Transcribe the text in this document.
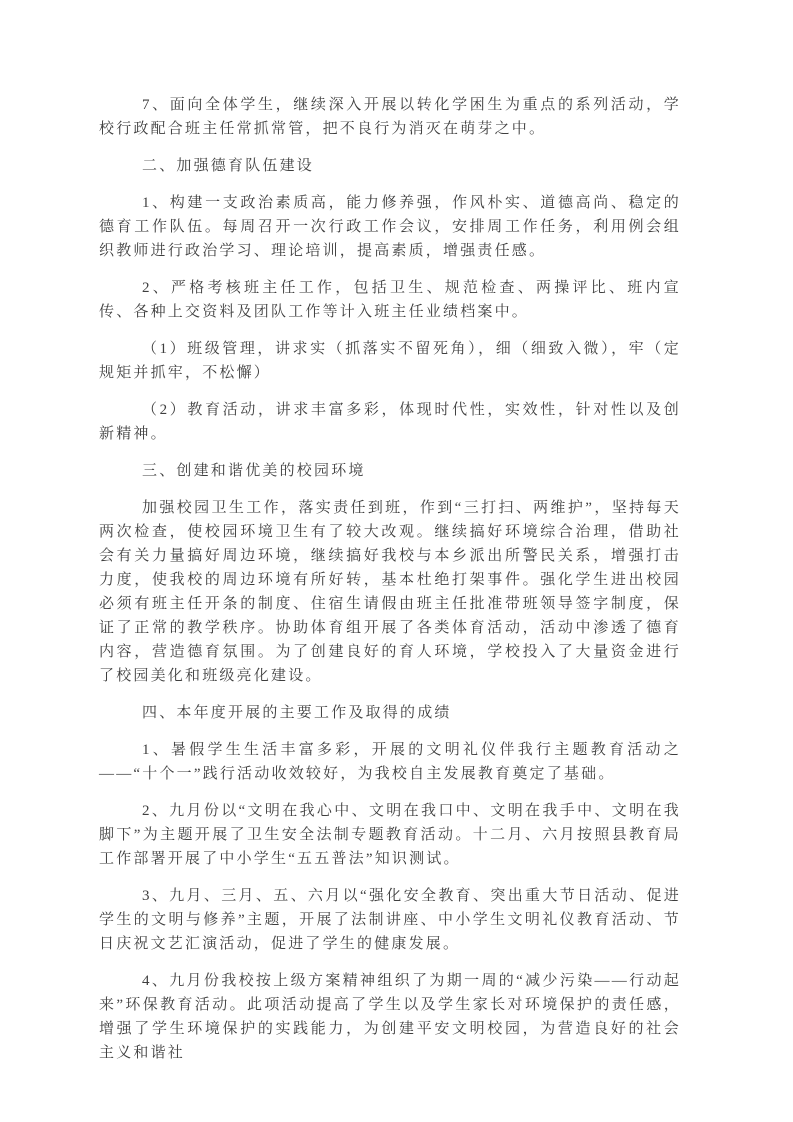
7、面向全体学生，继续深入开展以转化学困生为重点的系列活动，学校行政配合班主任常抓常管，把不良行为消灭在萌芽之中。

二、加强德育队伍建设

1、构建一支政治素质高，能力修养强，作风朴实、道德高尚、稳定的德育工作队伍。每周召开一次行政工作会议，安排周工作任务，利用例会组织教师进行政治学习、理论培训，提高素质，增强责任感。

2、严格考核班主任工作，包括卫生、规范检查、两操评比、班内宣传、各种上交资料及团队工作等计入班主任业绩档案中。

（1）班级管理，讲求实（抓落实不留死角），细（细致入微），牢（定规矩并抓牢，不松懈）

（2）教育活动，讲求丰富多彩，体现时代性，实效性，针对性以及创新精神。

三、创建和谐优美的校园环境

加强校园卫生工作，落实责任到班，作到“三打扫、两维护”，坚持每天两次检查，使校园环境卫生有了较大改观。继续搞好环境综合治理，借助社会有关力量搞好周边环境，继续搞好我校与本乡派出所警民关系，增强打击力度，使我校的周边环境有所好转，基本杜绝打架事件。强化学生进出校园必须有班主任开条的制度、住宿生请假由班主任批准带班领导签字制度，保证了正常的教学秩序。协助体育组开展了各类体育活动，活动中渗透了德育内容，营造德育氛围。为了创建良好的育人环境，学校投入了大量资金进行了校园美化和班级亮化建设。

四、本年度开展的主要工作及取得的成绩

1、暑假学生生活丰富多彩，开展的文明礼仪伴我行主题教育活动之——“十个一”践行活动收效较好，为我校自主发展教育奠定了基础。

2、九月份以“文明在我心中、文明在我口中、文明在我手中、文明在我脚下”为主题开展了卫生安全法制专题教育活动。十二月、六月按照县教育局工作部署开展了中小学生“五五普法”知识测试。

3、九月、三月、五、六月以“强化安全教育、突出重大节日活动、促进学生的文明与修养”主题，开展了法制讲座、中小学生文明礼仪教育活动、节日庆祝文艺汇演活动，促进了学生的健康发展。

4、九月份我校按上级方案精神组织了为期一周的“减少污染——行动起来”环保教育活动。此项活动提高了学生以及学生家长对环境保护的责任感，增强了学生环境保护的实践能力，为创建平安文明校园，为营造良好的社会主义和谐社
